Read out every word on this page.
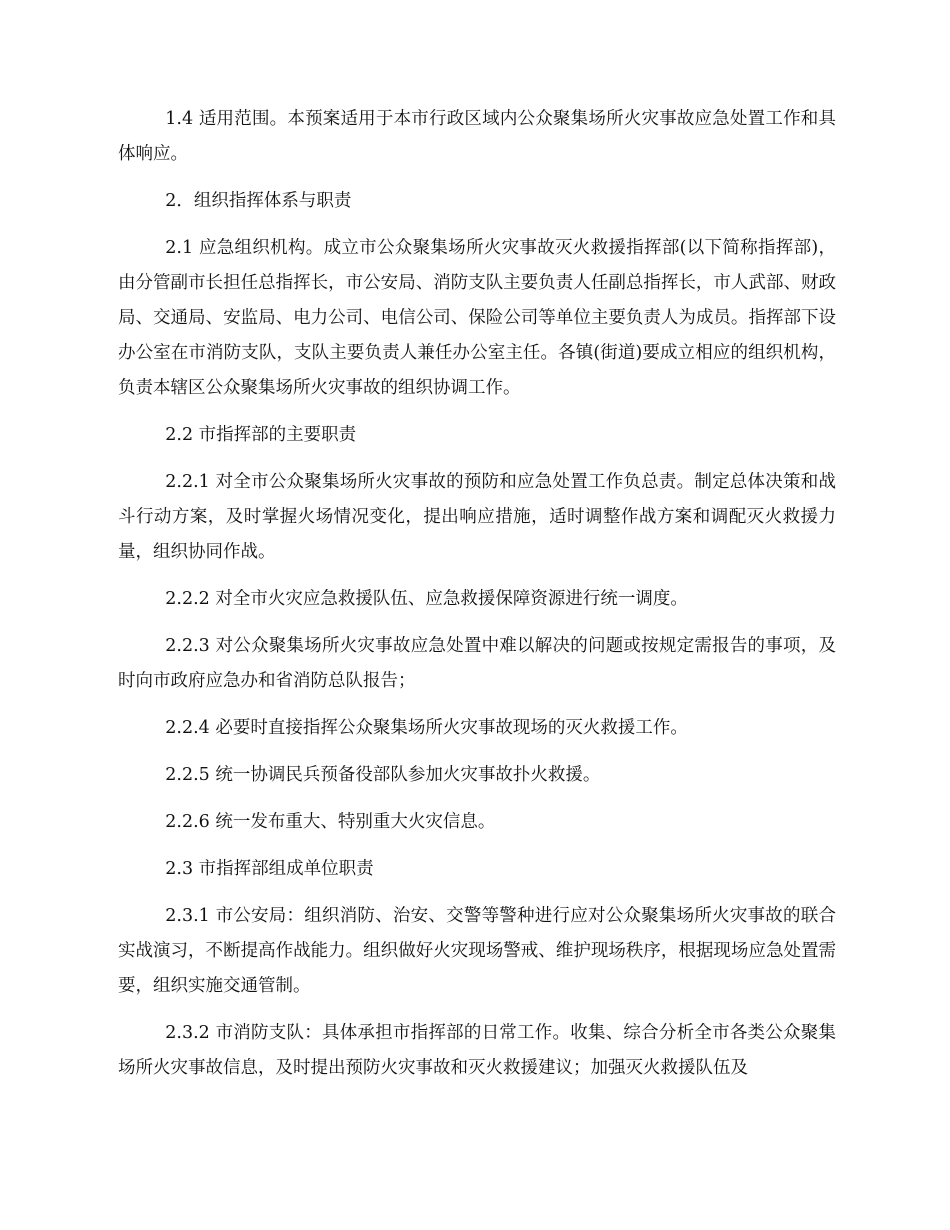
1.4 适用范围。本预案适用于本市行政区域内公众聚集场所火灾事故应急处置工作和具体响应。

2．组织指挥体系与职责

2.1 应急组织机构。成立市公众聚集场所火灾事故灭火救援指挥部(以下简称指挥部)，由分管副市长担任总指挥长，市公安局、消防支队主要负责人任副总指挥长，市人武部、财政局、交通局、安监局、电力公司、电信公司、保险公司等单位主要负责人为成员。指挥部下设办公室在市消防支队，支队主要负责人兼任办公室主任。各镇(街道)要成立相应的组织机构，负责本辖区公众聚集场所火灾事故的组织协调工作。

2.2 市指挥部的主要职责

2.2.1 对全市公众聚集场所火灾事故的预防和应急处置工作负总责。制定总体决策和战斗行动方案，及时掌握火场情况变化，提出响应措施，适时调整作战方案和调配灭火救援力量，组织协同作战。

2.2.2 对全市火灾应急救援队伍、应急救援保障资源进行统一调度。

2.2.3 对公众聚集场所火灾事故应急处置中难以解决的问题或按规定需报告的事项，及时向市政府应急办和省消防总队报告；

2.2.4 必要时直接指挥公众聚集场所火灾事故现场的灭火救援工作。

2.2.5 统一协调民兵预备役部队参加火灾事故扑火救援。

2.2.6 统一发布重大、特别重大火灾信息。

2.3 市指挥部组成单位职责

2.3.1 市公安局：组织消防、治安、交警等警种进行应对公众聚集场所火灾事故的联合实战演习，不断提高作战能力。组织做好火灾现场警戒、维护现场秩序，根据现场应急处置需要，组织实施交通管制。

2.3.2 市消防支队：具体承担市指挥部的日常工作。收集、综合分析全市各类公众聚集场所火灾事故信息，及时提出预防火灾事故和灭火救援建议；加强灭火救援队伍及
